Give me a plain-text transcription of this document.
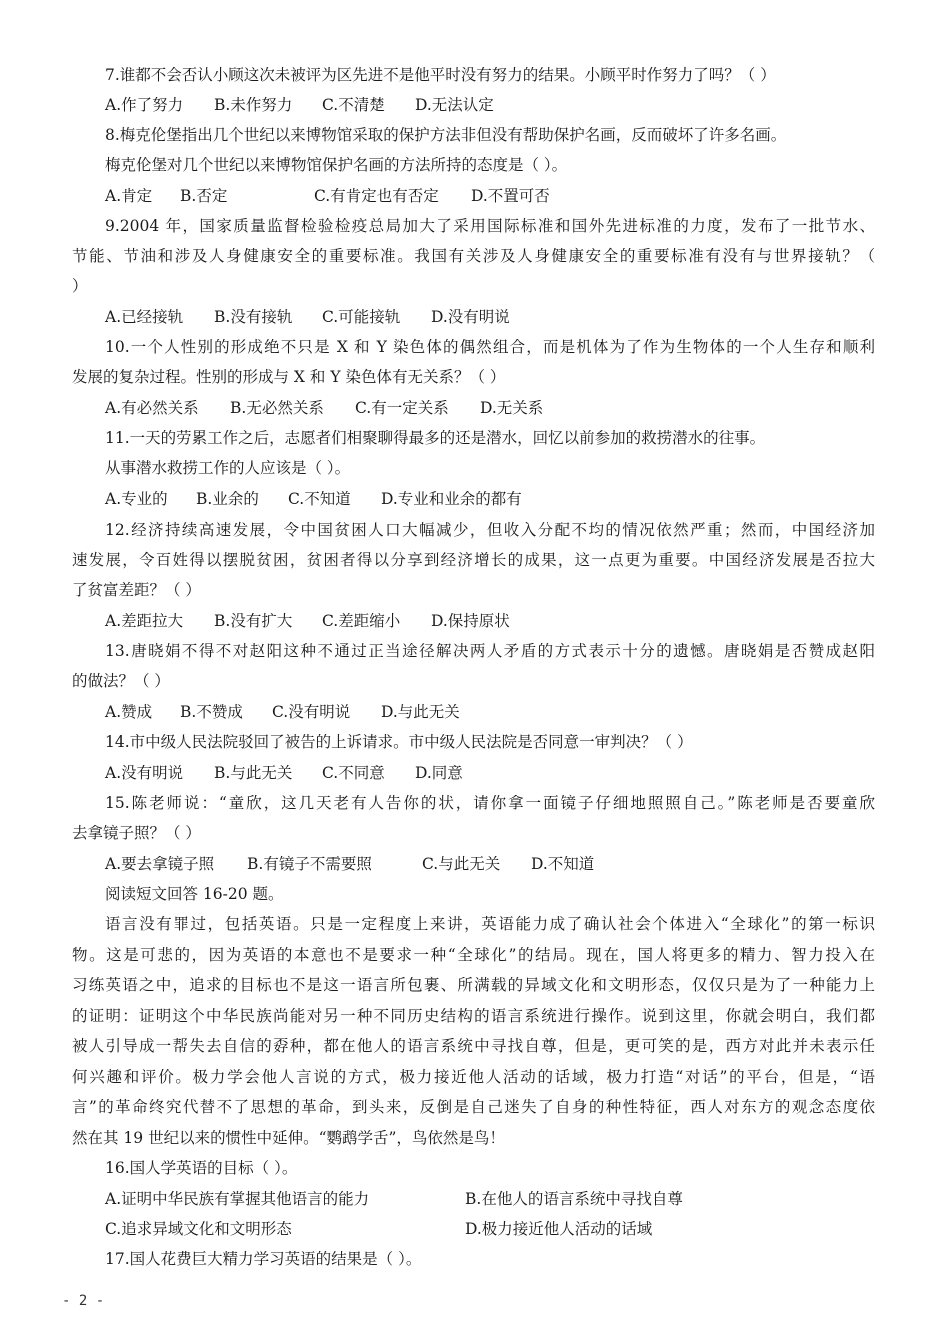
7.谁都不会否认小顾这次未被评为区先进不是他平时没有努力的结果。小顾平时作努力了吗？（ ）
A.作了努力 B.未作努力 C.不清楚 D.无法认定
8.梅克伦堡指出几个世纪以来博物馆采取的保护方法非但没有帮助保护名画，反而破坏了许多名画。
梅克伦堡对几个世纪以来博物馆保护名画的方法所持的态度是（ ）。
A.肯定 B.否定	C.有肯定也有否定 D.不置可否
9.2004 年，国家质量监督检验检疫总局加大了采用国际标准和国外先进标准的力度，发布了一批节水、
节能、节油和涉及人身健康安全的重要标准。我国有关涉及人身健康安全的重要标准有没有与世界接轨？（
）
A.已经接轨 B.没有接轨 C.可能接轨 D.没有明说
10.一个人性别的形成绝不只是 X 和 Y 染色体的偶然组合，而是机体为了作为生物体的一个人生存和顺利
发展的复杂过程。性别的形成与 X 和 Y 染色体有无关系？（ ）
A.有必然关系 B.无必然关系 C.有一定关系 D.无关系
11.一天的劳累工作之后，志愿者们相聚聊得最多的还是潜水，回忆以前参加的救捞潜水的往事。
从事潜水救捞工作的人应该是（ ）。
A.专业的 B.业余的 C.不知道 D.专业和业余的都有
12.经济持续高速发展，令中国贫困人口大幅减少，但收入分配不均的情况依然严重；然而，中国经济加
速发展，令百姓得以摆脱贫困，贫困者得以分享到经济增长的成果，这一点更为重要。中国经济发展是否拉大
了贫富差距？（ ）
A.差距拉大 B.没有扩大 C.差距缩小 D.保持原状
13.唐晓娟不得不对赵阳这种不通过正当途径解决两人矛盾的方式表示十分的遗憾。唐晓娟是否赞成赵阳
的做法？（ ）
A.赞成 B.不赞成 C.没有明说 D.与此无关
14.市中级人民法院驳回了被告的上诉请求。市中级人民法院是否同意一审判决？（ ）
A.没有明说 B.与此无关 C.不同意 D.同意
15.陈老师说：“童欣，这几天老有人告你的状，请你拿一面镜子仔细地照照自己。”陈老师是否要童欣
去拿镜子照？（ ）
A.要去拿镜子照 B.有镜子不需要照	C.与此无关 D.不知道
阅读短文回答 16-20 题。
语言没有罪过，包括英语。只是一定程度上来讲，英语能力成了确认社会个体进入“全球化”的第一标识
物。这是可悲的，因为英语的本意也不是要求一种“全球化”的结局。现在，国人将更多的精力、智力投入在
习练英语之中，追求的目标也不是这一语言所包裹、所满载的异域文化和文明形态，仅仅只是为了一种能力上
的证明：证明这个中华民族尚能对另一种不同历史结构的语言系统进行操作。说到这里，你就会明白，我们都
被人引导成一帮失去自信的孬种，都在他人的语言系统中寻找自尊，但是，更可笑的是，西方对此并未表示任
何兴趣和评价。极力学会他人言说的方式，极力接近他人活动的话域，极力打造“对话”的平台，但是，“语
言”的革命终究代替不了思想的革命，到头来，反倒是自己迷失了自身的种性特征，西人对东方的观念态度依
然在其 19 世纪以来的惯性中延伸。“鹦鹉学舌”，鸟依然是鸟！
16.国人学英语的目标（ ）。
A.证明中华民族有掌握其他语言的能力	B.在他人的语言系统中寻找自尊
C.追求异域文化和文明形态	D.极力接近他人活动的话域
17.国人花费巨大精力学习英语的结果是（ ）。
- 2 -
